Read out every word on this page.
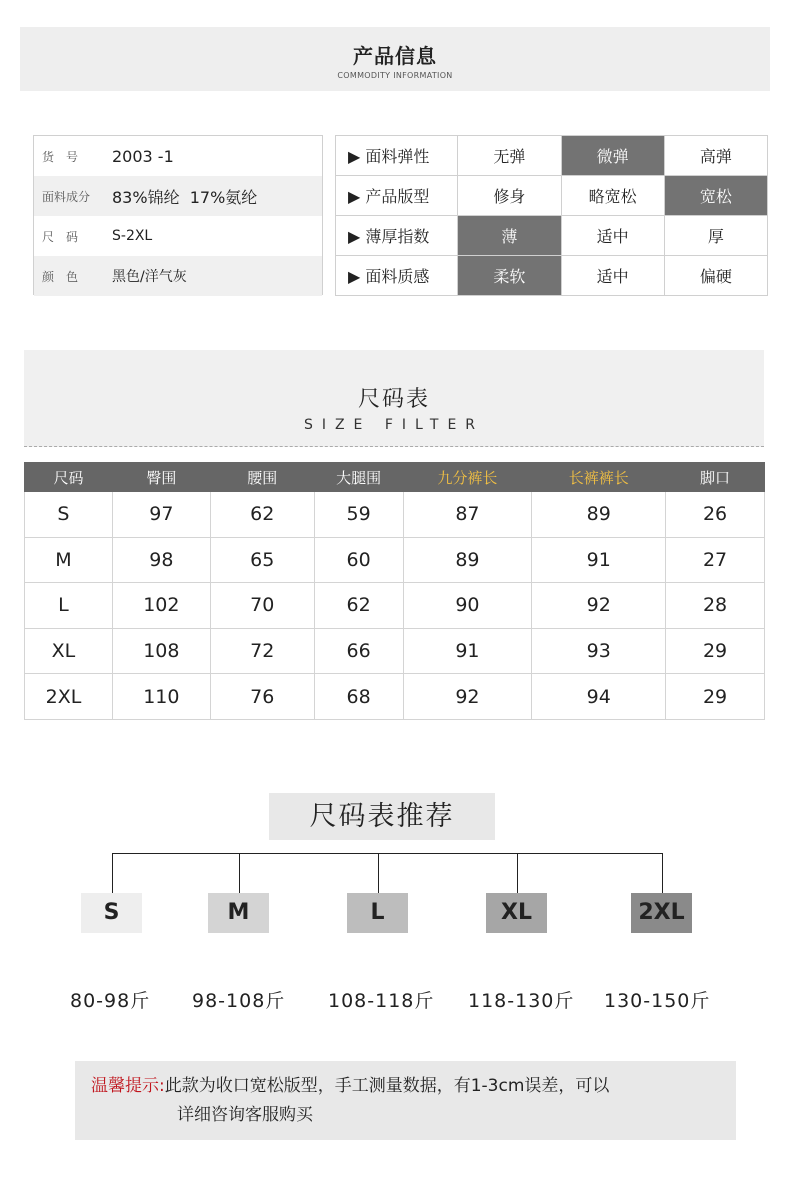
产品信息
COMMODITY INFORMATION
货　号	2003 -1
面料成分	83%锦纶  17%氨纶
尺　码	S-2XL
颜　色	黑色/洋气灰
▶ 面料弹性	无弹	微弹	高弹
▶ 产品版型	修身	略宽松	宽松
▶ 薄厚指数	薄	适中	厚
▶ 面料质感	柔软	适中	偏硬
尺码表
SIZE FILTER
尺码	臀围	腰围	大腿围	九分裤长	长裤裤长	脚口
S	97	62	59	87	89	26
M	98	65	60	89	91	27
L	102	70	62	90	92	28
XL	108	72	66	91	93	29
2XL	110	76	68	92	94	29
尺码表推荐
S
80-98斤
M
98-108斤
L
108-118斤
XL
118-130斤
2XL
130-150斤
温馨提示:此款为收口宽松版型，手工测量数据，有1-3cm误差，可以
详细咨询客服购买
